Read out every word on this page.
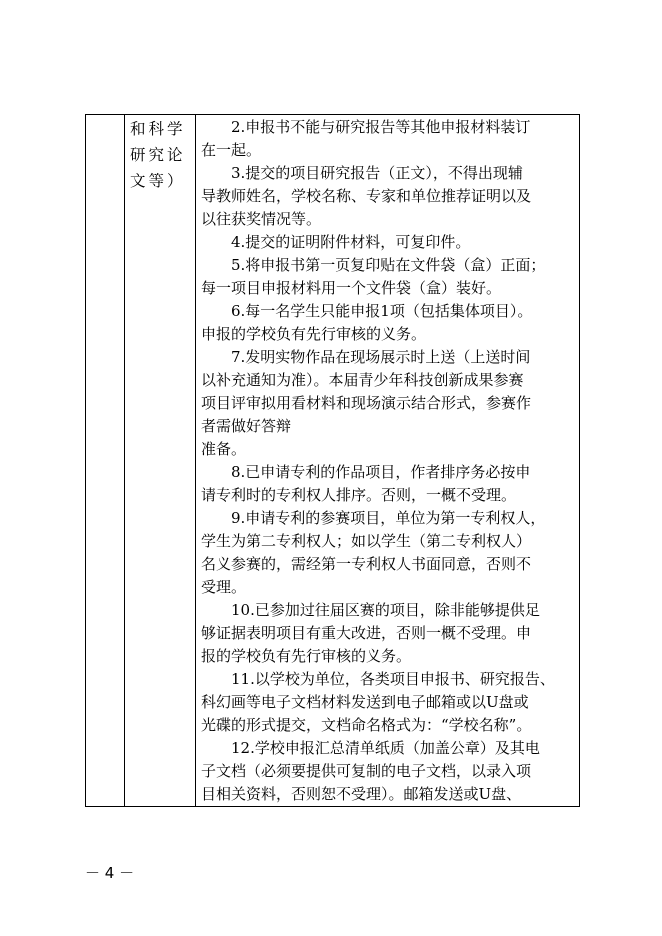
和科学
研究论
文等）

2.申报书不能与研究报告等其他申报材料装订
在一起。

3.提交的项目研究报告（正文），不得出现辅
导教师姓名，学校名称、专家和单位推荐证明以及
以往获奖情况等。

4.提交的证明附件材料，可复印件。

5.将申报书第一页复印贴在文件袋（盒）正面；
每一项目申报材料用一个文件袋（盒）装好。

6.每一名学生只能申报1项（包括集体项目）。
申报的学校负有先行审核的义务。

7.发明实物作品在现场展示时上送（上送时间
以补充通知为准）。本届青少年科技创新成果参赛
项目评审拟用看材料和现场演示结合形式，参赛作
者需做好答辩
准备。

8.已申请专利的作品项目，作者排序务必按申
请专利时的专利权人排序。否则，一概不受理。

9.申请专利的参赛项目，单位为第一专利权人，
学生为第二专利权人；如以学生（第二专利权人）
名义参赛的，需经第一专利权人书面同意，否则不
受理。

10.已参加过往届区赛的项目，除非能够提供足
够证据表明项目有重大改进，否则一概不受理。申
报的学校负有先行审核的义务。

11.以学校为单位，各类项目申报书、研究报告、
科幻画等电子文档材料发送到电子邮箱或以U盘或
光碟的形式提交，文档命名格式为：“学校名称”。

12.学校申报汇总清单纸质（加盖公章）及其电
子文档（必须要提供可复制的电子文档，以录入项
目相关资料，否则恕不受理）。邮箱发送或U盘、

－ 4 －
